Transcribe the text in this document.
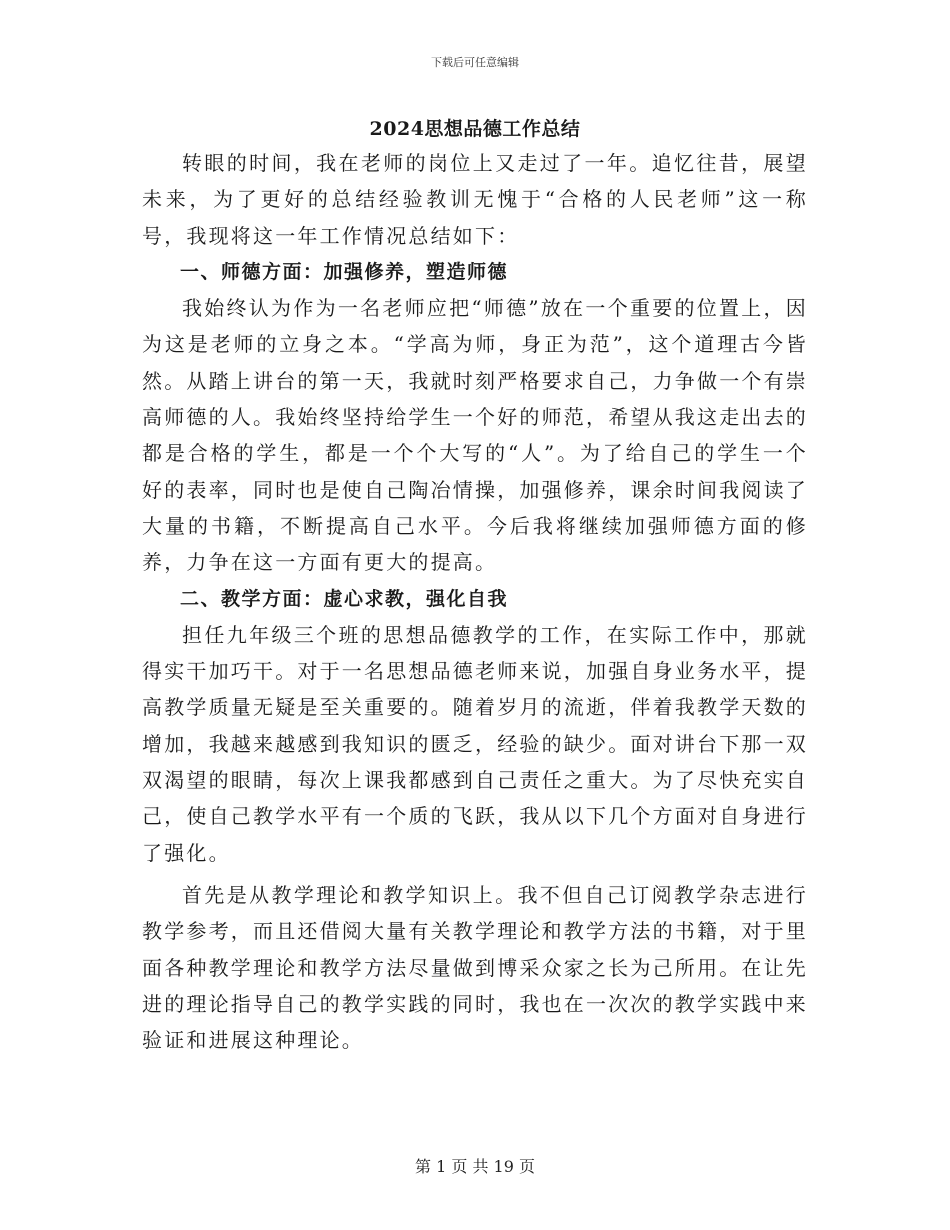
下载后可任意编辑
2024思想品德工作总结

转眼的时间，我在老师的岗位上又走过了一年。追忆往昔，展望未来，为了更好的总结经验教训无愧于“合格的人民老师”这一称号，我现将这一年工作情况总结如下：

一、师德方面：加强修养，塑造师德

我始终认为作为一名老师应把“师德”放在一个重要的位置上，因为这是老师的立身之本。“学高为师，身正为范”，这个道理古今皆然。从踏上讲台的第一天，我就时刻严格要求自己，力争做一个有崇高师德的人。我始终坚持给学生一个好的师范，希望从我这走出去的都是合格的学生，都是一个个大写的“人”。为了给自己的学生一个好的表率，同时也是使自己陶冶情操，加强修养，课余时间我阅读了大量的书籍，不断提高自己水平。今后我将继续加强师德方面的修养，力争在这一方面有更大的提高。

二、教学方面：虚心求教，强化自我

担任九年级三个班的思想品德教学的工作，在实际工作中，那就得实干加巧干。对于一名思想品德老师来说，加强自身业务水平，提高教学质量无疑是至关重要的。随着岁月的流逝，伴着我教学天数的增加，我越来越感到我知识的匮乏，经验的缺少。面对讲台下那一双双渴望的眼睛，每次上课我都感到自己责任之重大。为了尽快充实自己，使自己教学水平有一个质的飞跃，我从以下几个方面对自身进行了强化。

首先是从教学理论和教学知识上。我不但自己订阅教学杂志进行教学参考，而且还借阅大量有关教学理论和教学方法的书籍，对于里面各种教学理论和教学方法尽量做到博采众家之长为己所用。在让先进的理论指导自己的教学实践的同时，我也在一次次的教学实践中来验证和进展这种理论。

第 1 页 共 19 页
